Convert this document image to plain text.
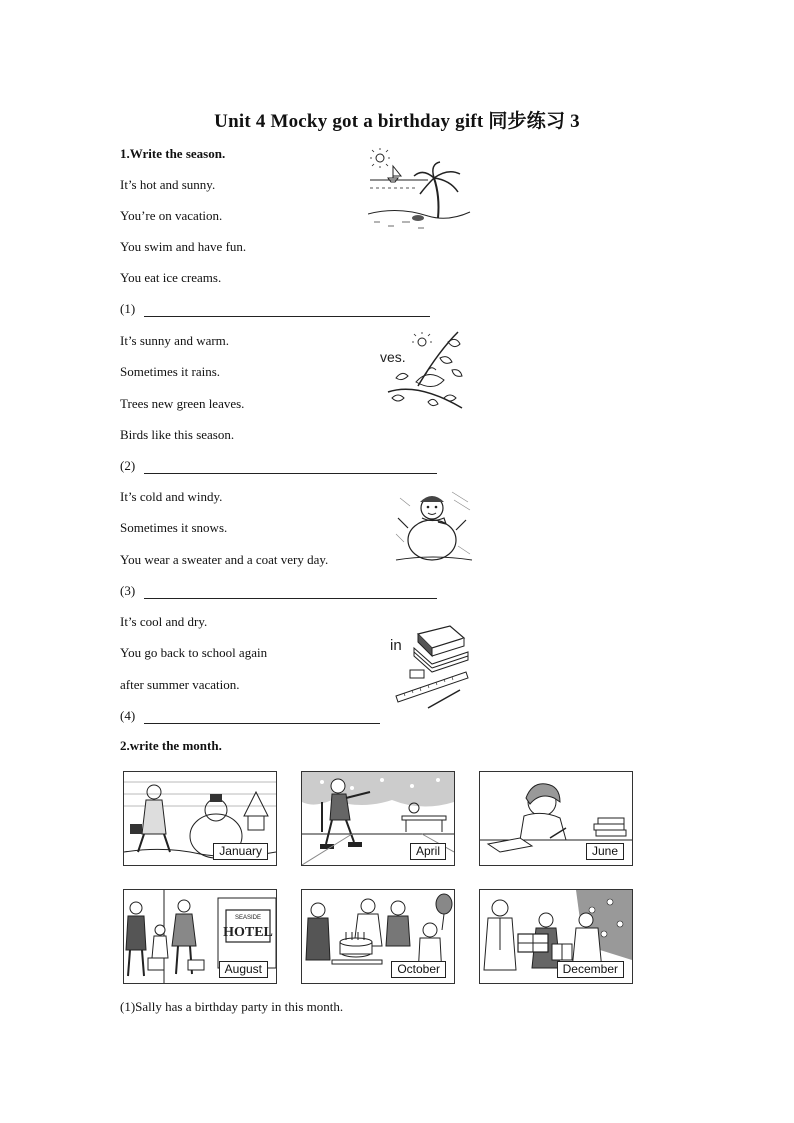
Unit 4 Mocky got a birthday gift 同步练习 3
1.Write the season.
It’s hot and sunny.
You’re on vacation.
You swim and have fun.
You eat ice creams.
(1)
It’s sunny and warm.
Sometimes it rains.
Trees new green leaves.
Birds like this season.
(2)
ves.
It’s cold and windy.
Sometimes it snows.
You wear a sweater and a coat very day.
(3)
It’s cool and dry.
You go back to school again
after summer vacation.
(4)
in
2.write the month.
January	April	June
SEASIDE
HOTEL
August	October	December
(1)Sally has a birthday party in this month.
